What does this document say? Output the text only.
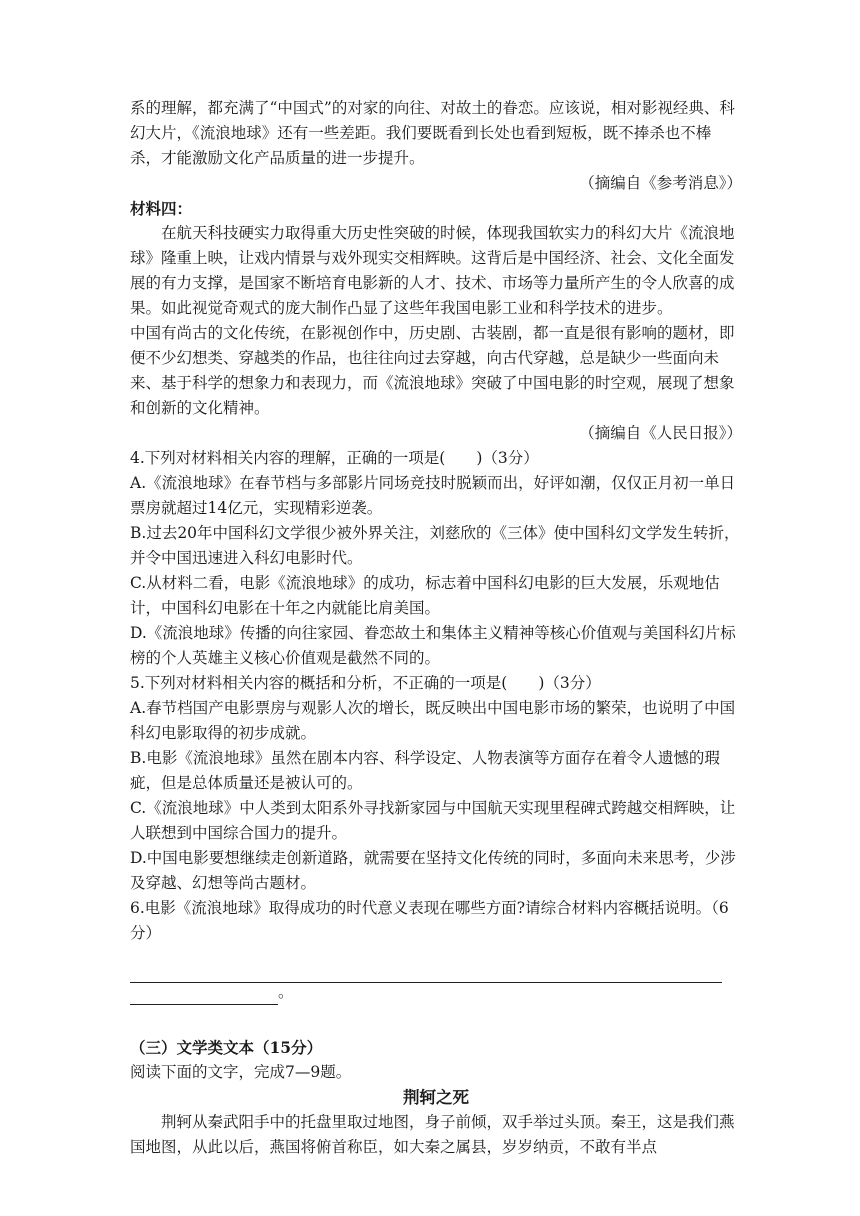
系的理解，都充满了“中国式”的对家的向往、对故土的眷恋。应该说，相对影视经典、科幻大片，《流浪地球》还有一些差距。我们要既看到长处也看到短板，既不捧杀也不棒杀，才能激励文化产品质量的进一步提升。

（摘编自《参考消息》）

材料四：

在航天科技硬实力取得重大历史性突破的时候，体现我国软实力的科幻大片《流浪地球》隆重上映，让戏内情景与戏外现实交相辉映。这背后是中国经济、社会、文化全面发展的有力支撑，是国家不断培育电影新的人才、技术、市场等力量所产生的令人欣喜的成果。如此视觉奇观式的庞大制作凸显了这些年我国电影工业和科学技术的进步。

中国有尚古的文化传统，在影视创作中，历史剧、古装剧，都一直是很有影响的题材，即便不少幻想类、穿越类的作品，也往往向过去穿越，向古代穿越，总是缺少一些面向未来、基于科学的想象力和表现力，而《流浪地球》突破了中国电影的时空观，展现了想象和创新的文化精神。

（摘编自《人民日报》）

4.下列对材料相关内容的理解，正确的一项是(　　)（3分）

A.《流浪地球》在春节档与多部影片同场竞技时脱颖而出，好评如潮，仅仅正月初一单日票房就超过14亿元，实现精彩逆袭。

B.过去20年中国科幻文学很少被外界关注，刘慈欣的《三体》使中国科幻文学发生转折，并令中国迅速进入科幻电影时代。

C.从材料二看，电影《流浪地球》的成功，标志着中国科幻电影的巨大发展，乐观地估计，中国科幻电影在十年之内就能比肩美国。

D.《流浪地球》传播的向往家园、眷恋故土和集体主义精神等核心价值观与美国科幻片标榜的个人英雄主义核心价值观是截然不同的。

5.下列对材料相关内容的概括和分析，不正确的一项是(　　)（3分）

A.春节档国产电影票房与观影人次的增长，既反映出中国电影市场的繁荣，也说明了中国科幻电影取得的初步成就。

B.电影《流浪地球》虽然在剧本内容、科学设定、人物表演等方面存在着令人遗憾的瑕疵，但是总体质量还是被认可的。

C.《流浪地球》中人类到太阳系外寻找新家园与中国航天实现里程碑式跨越交相辉映，让人联想到中国综合国力的提升。

D.中国电影要想继续走创新道路，就需要在坚持文化传统的同时，多面向未来思考，少涉及穿越、幻想等尚古题材。

6.电影《流浪地球》取得成功的时代意义表现在哪些方面?请综合材料内容概括说明。（6分）

。

（三）文学类文本（15分）

阅读下面的文字，完成7—9题。

荆轲之死

荆轲从秦武阳手中的托盘里取过地图，身子前倾，双手举过头顶。秦王，这是我们燕国地图，从此以后，燕国将俯首称臣，如大秦之属县，岁岁纳贡，不敢有半点
